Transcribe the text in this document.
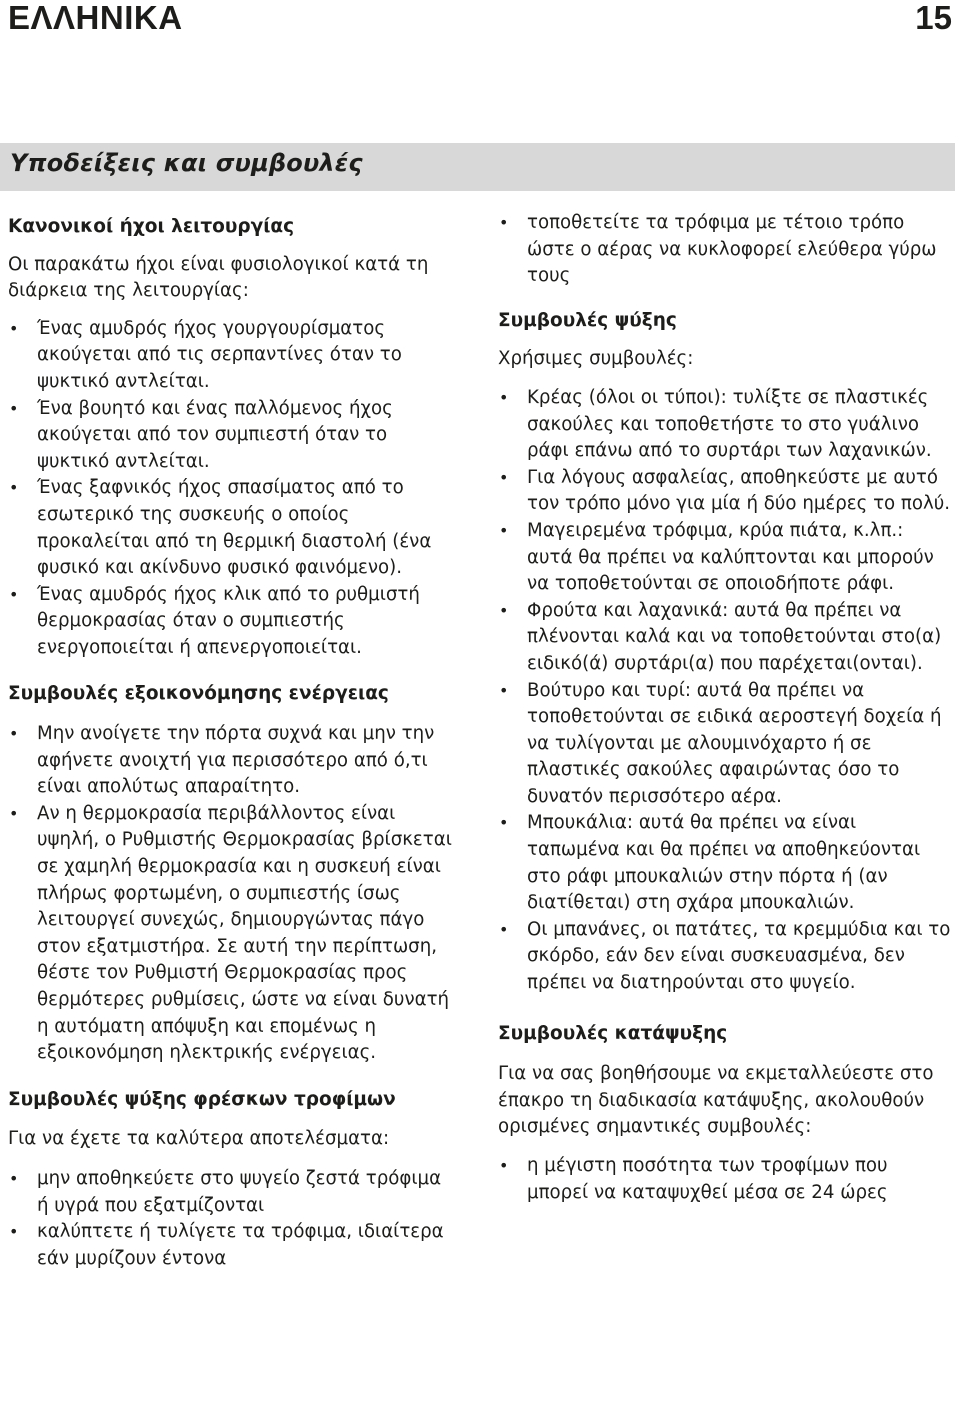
ΕΛΛΗΝΙΚΑ	15
Υποδείξεις και συμβουλές

Κανονικοί ήχοι λειτουργίας

Οι παρακάτω ήχοι είναι φυσιολογικοί κατά τη διάρκεια της λειτουργίας:

• Ένας αμυδρός ήχος γουργουρίσματος ακούγεται από τις σερπαντίνες όταν το ψυκτικό αντλείται.
• Ένα βουητό και ένας παλλόμενος ήχος ακούγεται από τον συμπιεστή όταν το ψυκτικό αντλείται.
• Ένας ξαφνικός ήχος σπασίματος από το εσωτερικό της συσκευής ο οποίος προκαλείται από τη θερμική διαστολή (ένα φυσικό και ακίνδυνο φυσικό φαινόμενο).
• Ένας αμυδρός ήχος κλικ από το ρυθμιστή θερμοκρασίας όταν ο συμπιεστής ενεργοποιείται ή απενεργοποιείται.

Συμβουλές εξοικονόμησης ενέργειας

• Μην ανοίγετε την πόρτα συχνά και μην την αφήνετε ανοιχτή για περισσότερο από ό,τι είναι απολύτως απαραίτητο.
• Αν η θερμοκρασία περιβάλλοντος είναι υψηλή, ο Ρυθμιστής Θερμοκρασίας βρίσκεται σε χαμηλή θερμοκρασία και η συσκευή είναι πλήρως φορτωμένη, ο συμπιεστής ίσως λειτουργεί συνεχώς, δημιουργώντας πάγο στον εξατμιστήρα. Σε αυτή την περίπτωση, θέστε τον Ρυθμιστή Θερμοκρασίας προς θερμότερες ρυθμίσεις, ώστε να είναι δυνατή η αυτόματη απόψυξη και επομένως η εξοικονόμηση ηλεκτρικής ενέργειας.

Συμβουλές ψύξης φρέσκων τροφίμων

Για να έχετε τα καλύτερα αποτελέσματα:

• μην αποθηκεύετε στο ψυγείο ζεστά τρόφιμα ή υγρά που εξατμίζονται
• καλύπτετε ή τυλίγετε τα τρόφιμα, ιδιαίτερα εάν μυρίζουν έντονα
• τοποθετείτε τα τρόφιμα με τέτοιο τρόπο ώστε ο αέρας να κυκλοφορεί ελεύθερα γύρω τους

Συμβουλές ψύξης

Χρήσιμες συμβουλές:

• Κρέας (όλοι οι τύποι): τυλίξτε σε πλαστικές σακούλες και τοποθετήστε το στο γυάλινο ράφι επάνω από το συρτάρι των λαχανικών.
• Για λόγους ασφαλείας, αποθηκεύστε με αυτό τον τρόπο μόνο για μία ή δύο ημέρες το πολύ.
• Μαγειρεμένα τρόφιμα, κρύα πιάτα, κ.λπ.: αυτά θα πρέπει να καλύπτονται και μπορούν να τοποθετούνται σε οποιοδήποτε ράφι.
• Φρούτα και λαχανικά: αυτά θα πρέπει να πλένονται καλά και να τοποθετούνται στο(α) ειδικό(ά) συρτάρι(α) που παρέχεται(ονται).
• Βούτυρο και τυρί: αυτά θα πρέπει να τοποθετούνται σε ειδικά αεροστεγή δοχεία ή να τυλίγονται με αλουμινόχαρτο ή σε πλαστικές σακούλες αφαιρώντας όσο το δυνατόν περισσότερο αέρα.
• Μπουκάλια: αυτά θα πρέπει να είναι ταπωμένα και θα πρέπει να αποθηκεύονται στο ράφι μπουκαλιών στην πόρτα ή (αν διατίθεται) στη σχάρα μπουκαλιών.
• Οι μπανάνες, οι πατάτες, τα κρεμμύδια και το σκόρδο, εάν δεν είναι συσκευασμένα, δεν πρέπει να διατηρούνται στο ψυγείο.

Συμβουλές κατάψυξης

Για να σας βοηθήσουμε να εκμεταλλεύεστε στο έπακρο τη διαδικασία κατάψυξης, ακολουθούν ορισμένες σημαντικές συμβουλές:

• η μέγιστη ποσότητα των τροφίμων που μπορεί να καταψυχθεί μέσα σε 24 ώρες
